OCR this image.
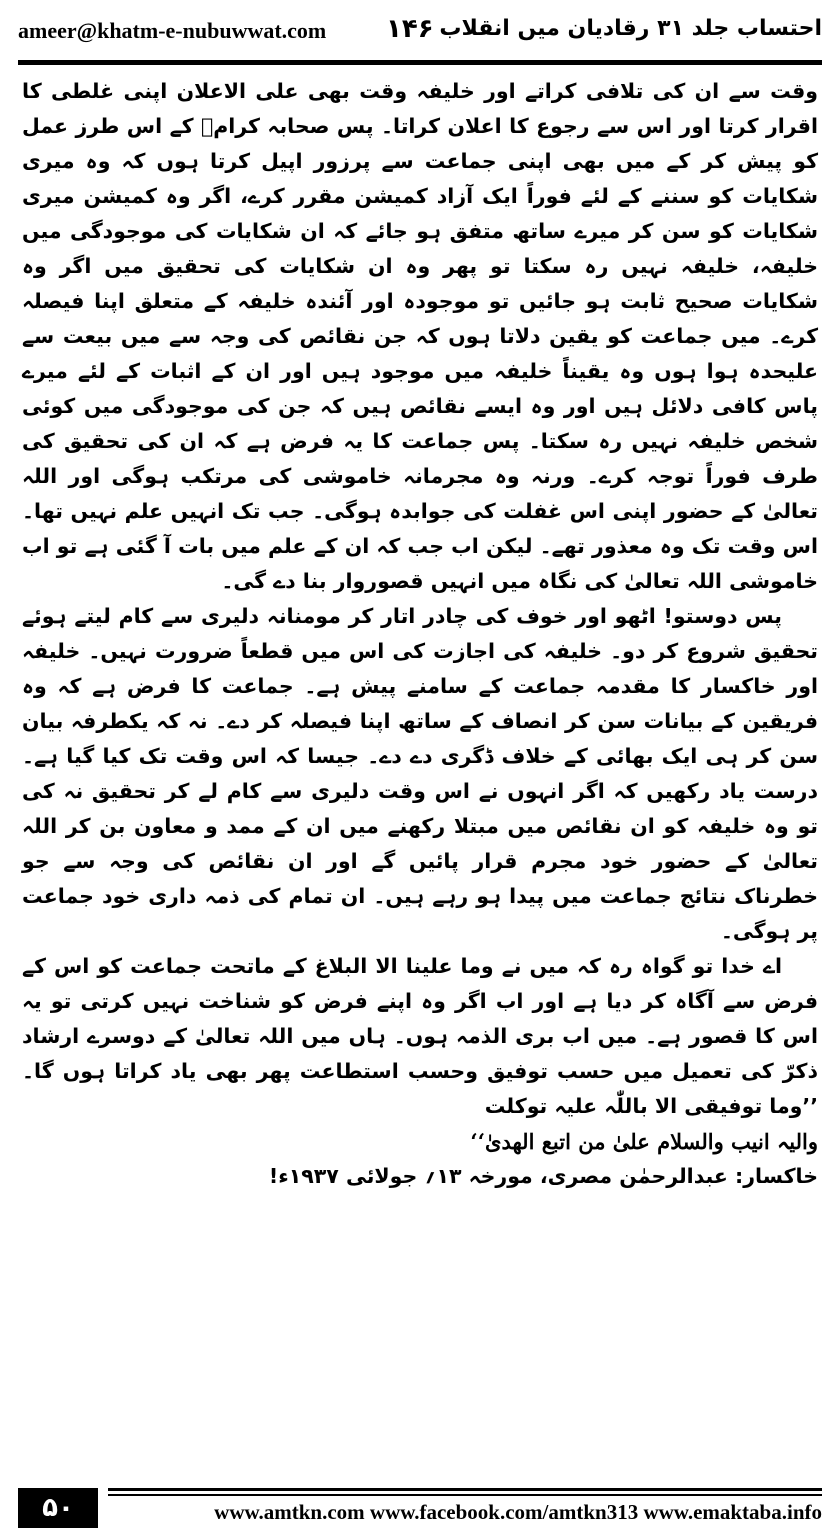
ameer@khatm-e-nubuwwat.com ۱۴۶ احتساب جلد ۳۱ رقادیان میں انقلاب

وقت سے ان کی تلافی کراتے اور خلیفہ وقت بھی علی الاعلان اپنی غلطی کا اقرار کرتا اور اس سے رجوع کا اعلان کراتا۔ پس صحابہ کرامؓ کے اس طرز عمل کو پیش کر کے میں بھی اپنی جماعت سے پرزور اپیل کرتا ہوں کہ وہ میری شکایات کو سننے کے لئے فوراً ایک آزاد کمیشن مقرر کرے، اگر وہ کمیشن میری شکایات کو سن کر میرے ساتھ متفق ہو جائے کہ ان شکایات کی موجودگی میں خلیفہ، خلیفہ نہیں رہ سکتا تو پھر وہ ان شکایات کی تحقیق میں اگر وہ شکایات صحیح ثابت ہو جائیں تو موجودہ اور آئندہ خلیفہ کے متعلق اپنا فیصلہ کرے۔ میں جماعت کو یقین دلاتا ہوں کہ جن نقائص کی وجہ سے میں بیعت سے علیحدہ ہوا ہوں وہ یقیناً خلیفہ میں موجود ہیں اور ان کے اثبات کے لئے میرے پاس کافی دلائل ہیں اور وہ ایسے نقائص ہیں کہ جن کی موجودگی میں کوئی شخص خلیفہ نہیں رہ سکتا۔ پس جماعت کا یہ فرض ہے کہ ان کی تحقیق کی طرف فوراً توجہ کرے۔ ورنہ وہ مجرمانہ خاموشی کی مرتکب ہوگی اور اللہ تعالیٰ کے حضور اپنی اس غفلت کی جوابدہ ہوگی۔ جب تک انہیں علم نہیں تھا۔ اس وقت تک وہ معذور تھے۔ لیکن اب جب کہ ان کے علم میں بات آ گئی ہے تو اب خاموشی اللہ تعالیٰ کی نگاہ میں انہیں قصوروار بنا دے گی۔

پس دوستو! اٹھو اور خوف کی چادر اتار کر مومنانہ دلیری سے کام لیتے ہوئے تحقیق شروع کر دو۔ خلیفہ کی اجازت کی اس میں قطعاً ضرورت نہیں۔ خلیفہ اور خاکسار کا مقدمہ جماعت کے سامنے پیش ہے۔ جماعت کا فرض ہے کہ وہ فریقین کے بیانات سن کر انصاف کے ساتھ اپنا فیصلہ کر دے۔ نہ کہ یکطرفہ بیان سن کر ہی ایک بھائی کے خلاف ڈگری دے دے۔ جیسا کہ اس وقت تک کیا گیا ہے۔ درست یاد رکھیں کہ اگر انہوں نے اس وقت دلیری سے کام لے کر تحقیق نہ کی تو وہ خلیفہ کو ان نقائص میں مبتلا رکھنے میں ان کے ممد و معاون بن کر اللہ تعالیٰ کے حضور خود مجرم قرار پائیں گے اور ان نقائص کی وجہ سے جو خطرناک نتائج جماعت میں پیدا ہو رہے ہیں۔ ان تمام کی ذمہ داری خود جماعت پر ہوگی۔

اے خدا تو گواہ رہ کہ میں نے وما علینا الا البلاغ کے ماتحت جماعت کو اس کے فرض سے آگاہ کر دیا ہے اور اب اگر وہ اپنے فرض کو شناخت نہیں کرتی تو یہ اس کا قصور ہے۔ میں اب بری الذمہ ہوں۔ ہاں میں اللہ تعالیٰ کے دوسرے ارشاد ذکرّ کی تعمیل میں حسب توفیق وحسب استطاعت پھر بھی یاد کراتا ہوں گا۔ ’’وما توفیقی الا باللّٰہ علیہ توکلت

والیہ انیب والسلام علیٰ من اتبع الھدیٰ‘‘

خاکسار: عبدالرحمٰن مصری، مورخہ ۱۳؍ جولائی ۱۹۳۷ء!

۵۰	www.amtkn.com www.facebook.com/amtkn313 www.emaktaba.info
